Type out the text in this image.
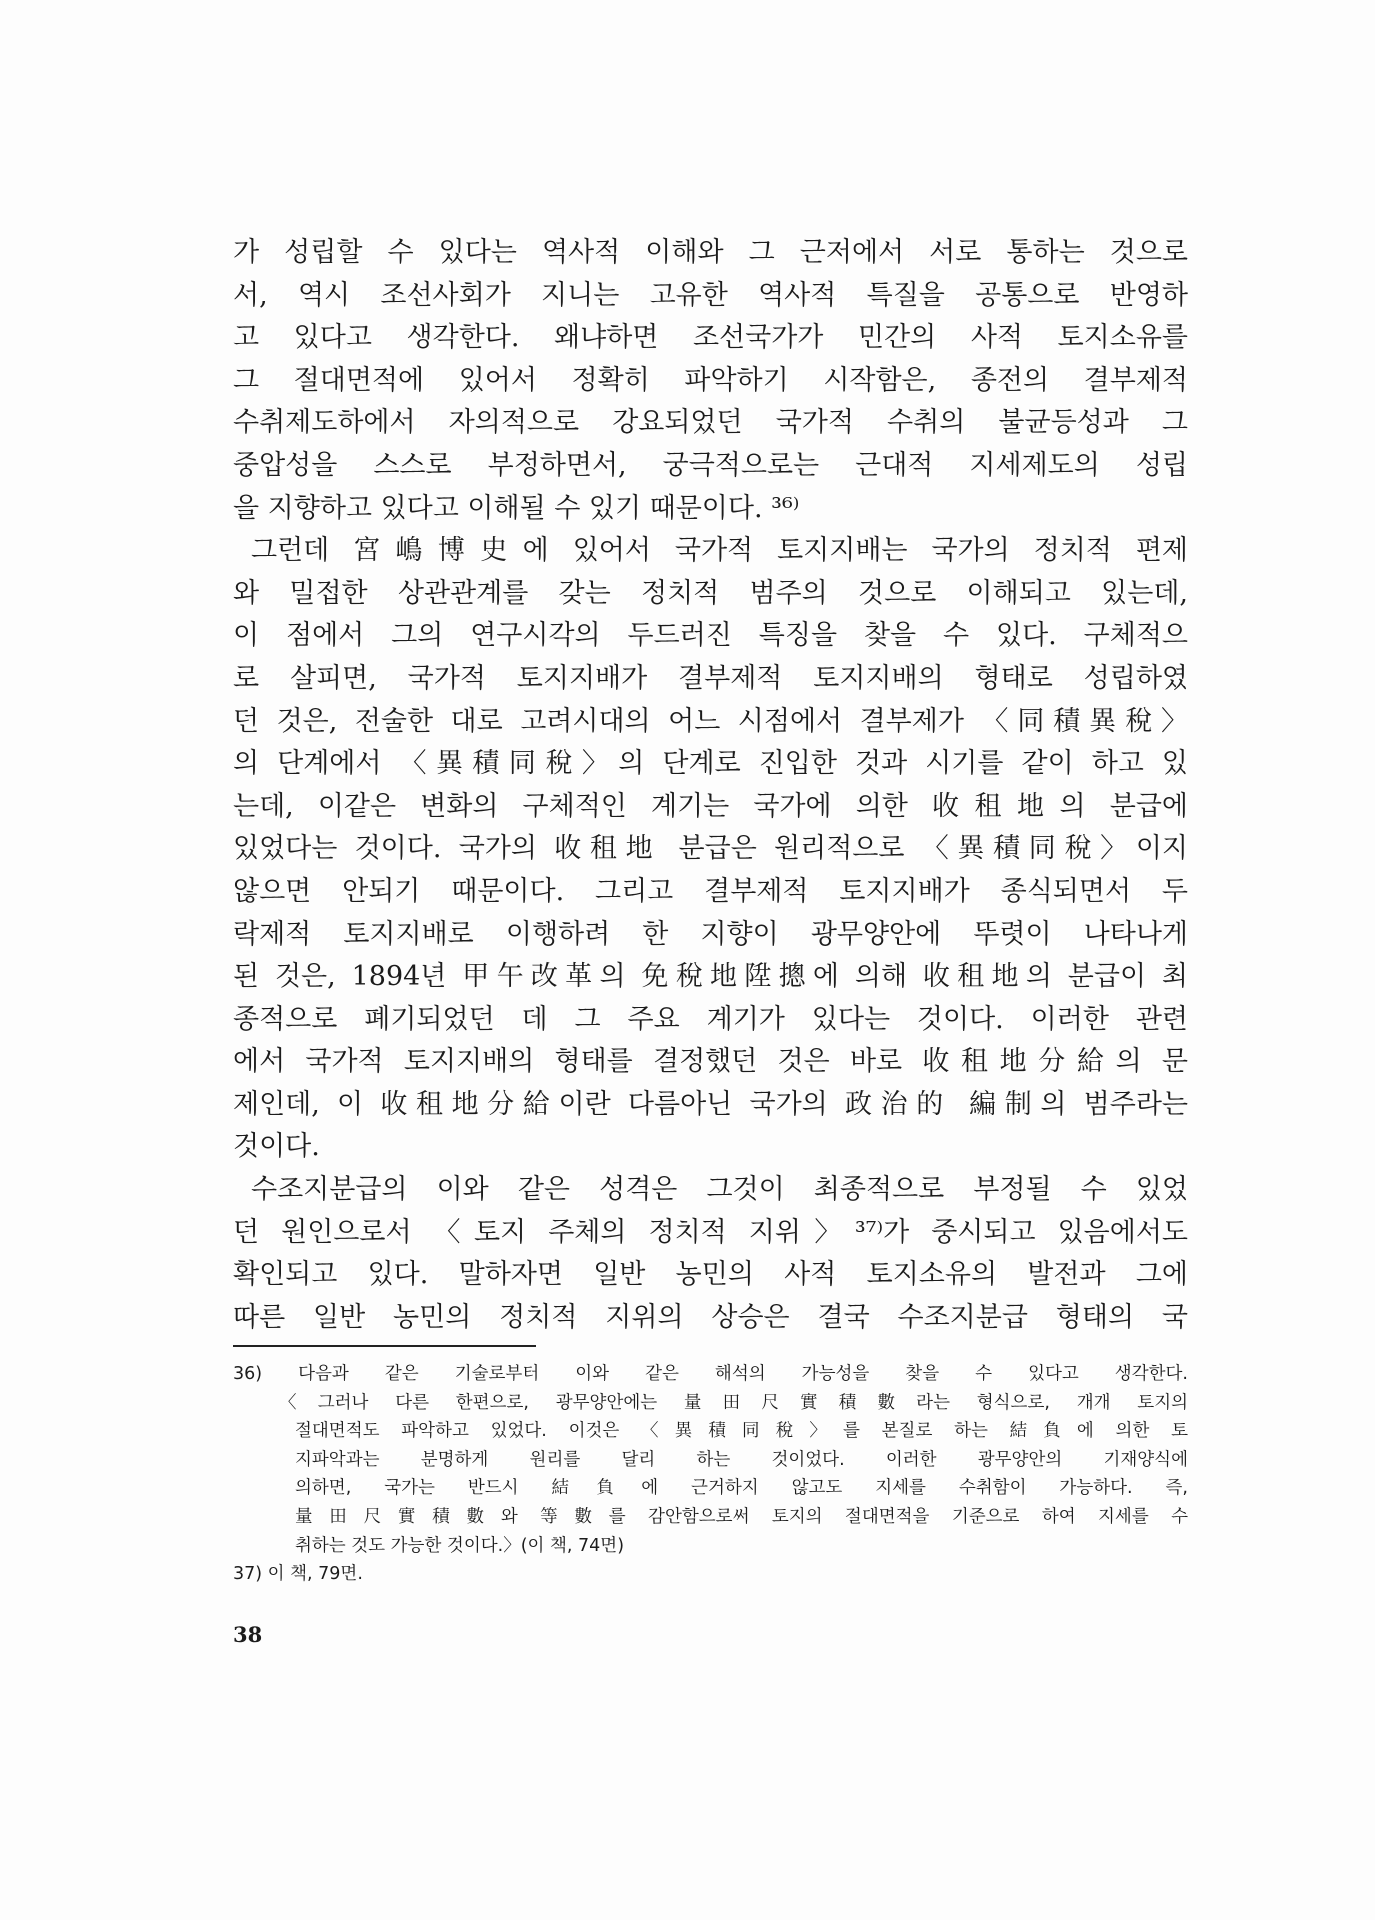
가 성립할 수 있다는 역사적 이해와 그 근저에서 서로 통하는 것으로
서, 역시 조선사회가 지니는 고유한 역사적 특질을 공통으로 반영하
고 있다고 생각한다. 왜냐하면 조선국가가 민간의 사적 토지소유를
그 절대면적에 있어서 정확히 파악하기 시작함은, 종전의 결부제적
수취제도하에서 자의적으로 강요되었던 국가적 수취의 불균등성과 그
중압성을 스스로 부정하면서, 궁극적으로는 근대적 지세제도의 성립
을 지향하고 있다고 이해될 수 있기 때문이다. ³⁶⁾
그런데 宮嶋博史에 있어서 국가적 토지지배는 국가의 정치적 편제
와 밀접한 상관관계를 갖는 정치적 범주의 것으로 이해되고 있는데,
이 점에서 그의 연구시각의 두드러진 특징을 찾을 수 있다. 구체적으
로 살피면, 국가적 토지지배가 결부제적 토지지배의 형태로 성립하였
던 것은, 전술한 대로 고려시대의 어느 시점에서 결부제가 〈同積異稅〉
의 단계에서 〈異積同稅〉의 단계로 진입한 것과 시기를 같이 하고 있
는데, 이같은 변화의 구체적인 계기는 국가에 의한 收租地의 분급에
있었다는 것이다. 국가의 收租地 분급은 원리적으로 〈異積同稅〉이지
않으면 안되기 때문이다. 그리고 결부제적 토지지배가 종식되면서 두
락제적 토지지배로 이행하려 한 지향이 광무양안에 뚜렷이 나타나게
된 것은, 1894년 甲午改革의 免稅地陞摠에 의해 收租地의 분급이 최
종적으로 폐기되었던 데 그 주요 계기가 있다는 것이다. 이러한 관련
에서 국가적 토지지배의 형태를 결정했던 것은 바로 收租地分給의 문
제인데, 이 收租地分給이란 다름아닌 국가의 政治的 編制의 범주라는
것이다.
수조지분급의 이와 같은 성격은 그것이 최종적으로 부정될 수 있었
던 원인으로서 〈토지 주체의 정치적 지위〉³⁷⁾가 중시되고 있음에서도
확인되고 있다. 말하자면 일반 농민의 사적 토지소유의 발전과 그에
따른 일반 농민의 정치적 지위의 상승은 결국 수조지분급 형태의 국
36) 다음과 같은 기술로부터 이와 같은 해석의 가능성을 찾을 수 있다고 생각한다.
〈그러나 다른 한편으로, 광무양안에는 量田尺實積數라는 형식으로, 개개 토지의
절대면적도 파악하고 있었다. 이것은 〈異積同稅〉를 본질로 하는 結負에 의한 토
지파악과는 분명하게 원리를 달리 하는 것이었다. 이러한 광무양안의 기재양식에
의하면, 국가는 반드시 結負에 근거하지 않고도 지세를 수취함이 가능하다. 즉,
量田尺實積數와 等數를 감안함으로써 토지의 절대면적을 기준으로 하여 지세를 수
취하는 것도 가능한 것이다.〉(이 책, 74면)
37) 이 책, 79면.
38
